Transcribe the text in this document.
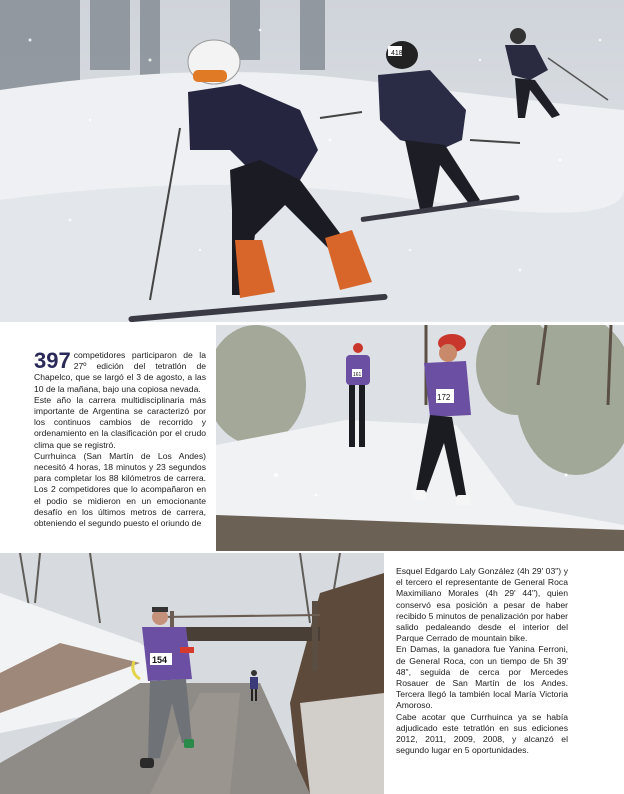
418

397 competidores participaron de la 27º edición del tetratlón de Chapelco, que se largó el 3 de agosto, a las 10 de la mañana, bajo una copiosa nevada.

Este año la carrera multidisciplinaria más importante de Argentina se caracterizó por los continuos cambios de recorrido y ordenamiento en la clasificación por el crudo clima que se registró.

Currhuinca (San Martín de Los Andes) necesitó 4 horas, 18 minutos y 23 segundos para completar los 88 kilómetros de carrera. Los 2 competidores que lo acompañaron en el podio se midieron en un emocionante desafío en los últimos metros de carrera, obteniendo el segundo puesto el oriundo de

161
172
154

Esquel Edgardo Laly González (4h 29' 03") y el tercero el representante de General Roca Maximiliano Morales (4h 29' 44"), quien conservó esa posición a pesar de haber recibido 5 minutos de penalización por haber salido pedaleando desde el interior del Parque Cerrado de mountain bike.

En Damas, la ganadora fue Yanina Ferroni, de General Roca, con un tiempo de 5h 39' 48", seguida de cerca por Mercedes Rosauer de San Martín de los Andes. Tercera llegó la también local María Victoria Amoroso.

Cabe acotar que Currhuinca ya se había adjudicado este tetratlón en sus ediciones 2012, 2011, 2009, 2008, y alcanzó el segundo lugar en 5 oportunidades.
